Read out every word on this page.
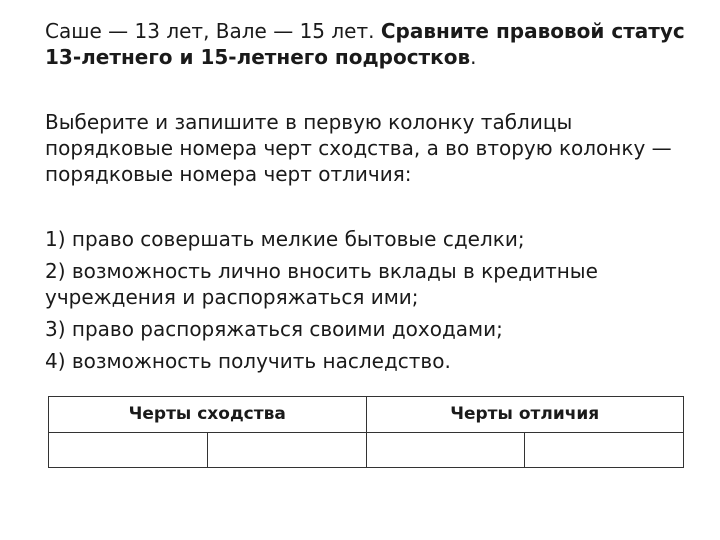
Саше — 13 лет, Вале — 15 лет. Сравните правовой статус 13-летнего и 15-летнего подростков.
Выберите и запишите в первую колонку таблицы порядковые номера черт сходства, а во вторую колонку — порядковые номера черт отличия:
1) право совершать мелкие бытовые сделки;
2) возможность лично вносить вклады в кредитные учреждения и распоряжаться ими;
3) право распоряжаться своими доходами;
4) возможность получить наследство.
Черты сходства		Черты отличия	
